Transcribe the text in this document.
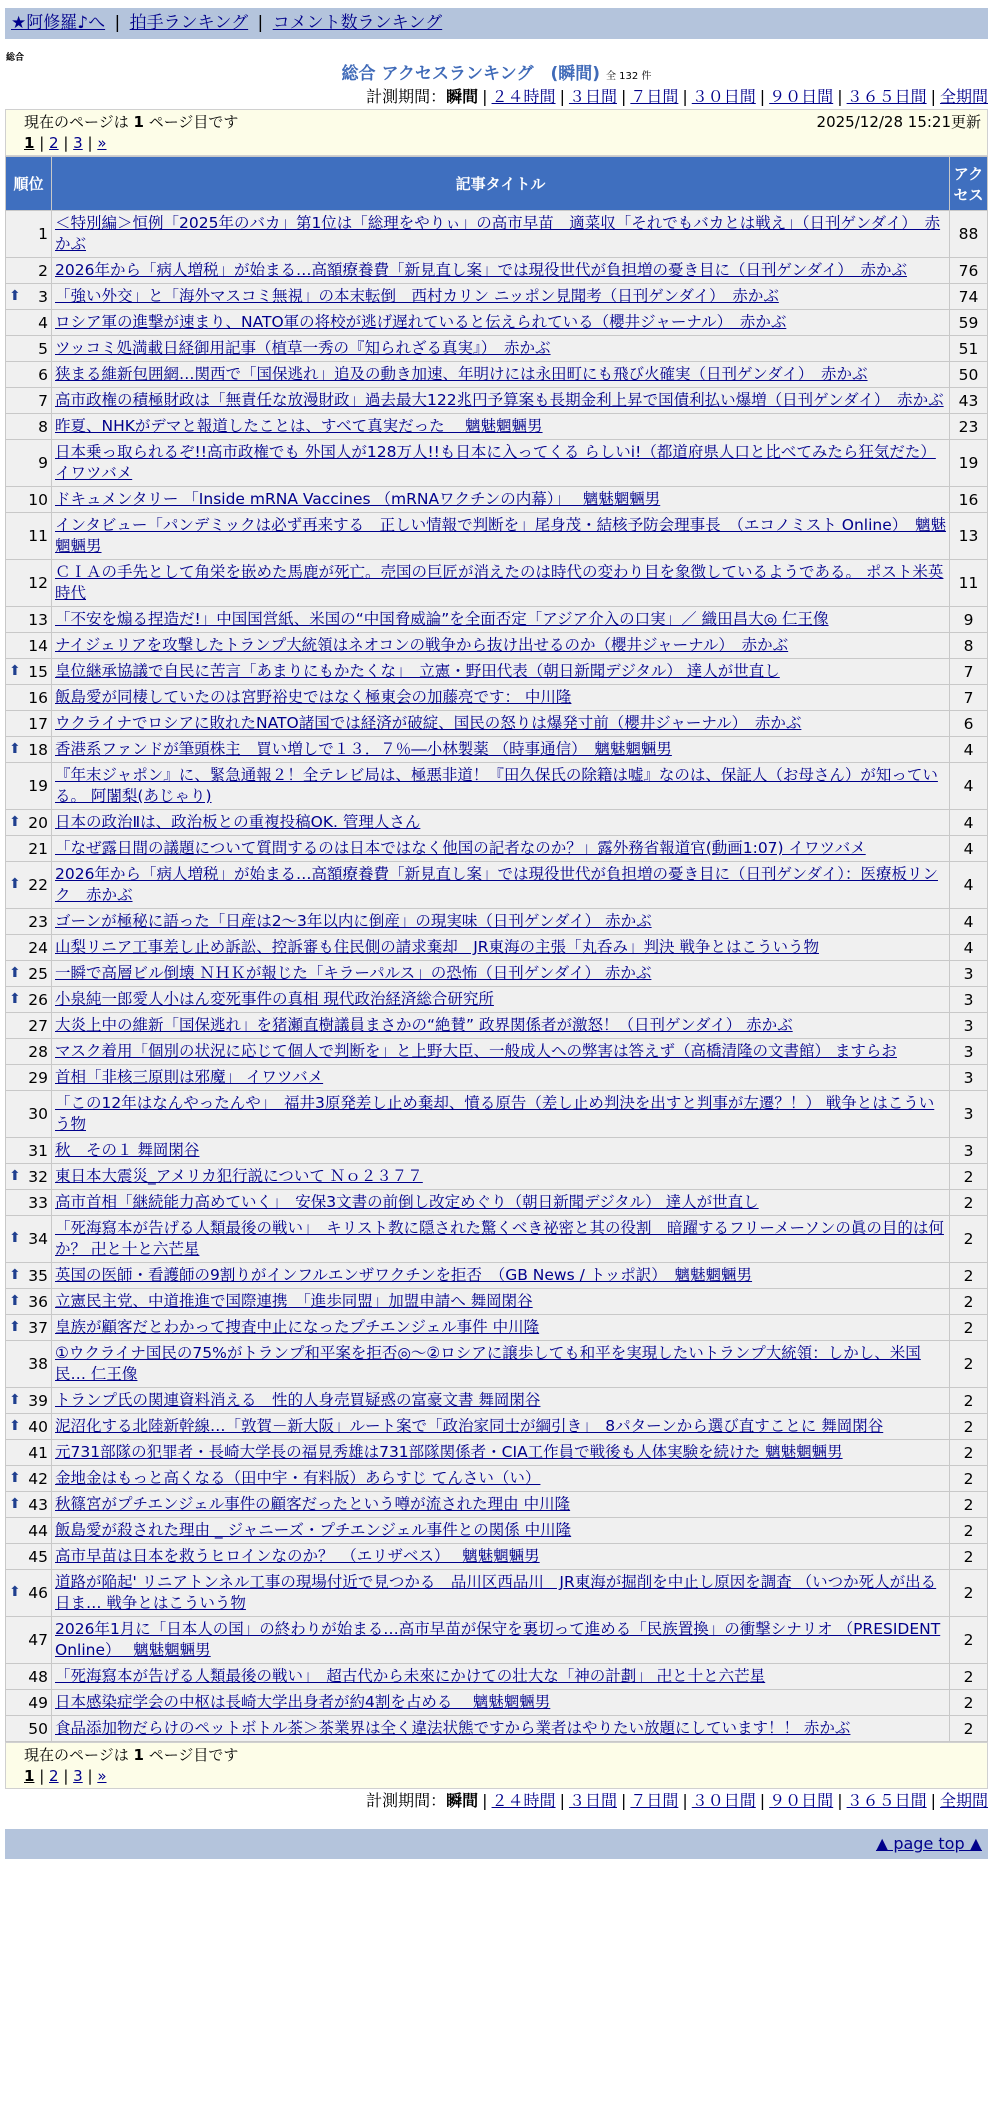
★阿修羅♪へ | 拍手ランキング | コメント数ランキング
総合
総合 アクセスランキング　(瞬間) 全 132 件
計測期間：瞬間 | ２４時間 | ３日間 | ７日間 | ３０日間 | ９０日間 | ３６５日間 | 全期間
現在のページは 1 ページ目です	2025/12/28 15:21更新
1 | 2 | 3 | »
順位	記事タイトル	アクセス
1	＜特別編＞恒例「2025年のバカ」第1位は「総理をやりぃ」の高市早苗　適菜収「それでもバカとは戦え」（日刊ゲンダイ）　赤かぶ	88
2	2026年から「病人増税」が始まる…高額療養費「新見直し案」では現役世代が負担増の憂き目に（日刊ゲンダイ）　赤かぶ	76

⬆ 3	「強い外交」と「海外マスコミ無視」の本末転倒　西村カリン ニッポン見聞考（日刊ゲンダイ）　赤かぶ	74
4	ロシア軍の進撃が速まり、NATO軍の将校が逃げ遅れていると伝えられている（櫻井ジャーナル）　赤かぶ	59
5	ツッコミ処満載日経御用記事（植草一秀の『知られざる真実』）　赤かぶ	51
6	狭まる維新包囲網…関西で「国保逃れ」追及の動き加速、年明けには永田町にも飛び火確実（日刊ゲンダイ）　赤かぶ	50
7	高市政権の積極財政は「無責任な放漫財政」過去最大122兆円予算案も長期金利上昇で国債利払い爆増（日刊ゲンダイ）　赤かぶ	43
8	昨夏、NHKがデマと報道したことは、すべて真実だった　 魑魅魍魎男	23
9	日本乗っ取られるぞ!!高市政権でも 外国人が128万人!!も日本に入ってくる らしいi!（都道府県人口と比べてみたら狂気だた） イワツバメ	19
10	ドキュメンタリー 「Inside mRNA Vaccines （mRNAワクチンの内幕）」　 魑魅魍魎男	16
11	インタビュー「パンデミックは必ず再来する　正しい情報で判断を」尾身茂・結核予防会理事長　（エコノミスト Online）　魑魅魍魎男	13
12	ＣＩＡの手先として角栄を嵌めた馬鹿が死亡。売国の巨匠が消えたのは時代の変わり目を象徴しているようである。 ポスト米英時代	11
13	「不安を煽る捏造だ!」中国国営紙、米国の“中国脅威論”を全面否定「アジア介入の口実」／ 織田昌大◎ 仁王像	9
14	ナイジェリアを攻撃したトランプ大統領はネオコンの戦争から抜け出せるのか（櫻井ジャーナル）　赤かぶ	8

⬆ 15	皇位継承協議で自民に苦言「あまりにもかたくな」　立憲・野田代表（朝日新聞デジタル） 達人が世直し	7
16	飯島愛が同棲していたのは宮野裕史ではなく極東会の加藤亮です： 中川隆	7
17	ウクライナでロシアに敗れたNATO諸国では経済が破綻、国民の怒りは爆発寸前（櫻井ジャーナル）　赤かぶ	6

⬆ 18	香港系ファンドが筆頭株主　買い増しで１３．７％―小林製薬 （時事通信）　魑魅魍魎男	4
19	『年末ジャポン』に、緊急通報２！全テレビ局は、極悪非道！『田久保氏の除籍は嘘』なのは、保証人（お母さん）が知っている。 阿闍梨(あじゃり)	4

⬆ 20	日本の政治Ⅱは、政治板との重複投稿OK. 管理人さん	4
21	「なぜ露日間の議題について質問するのは日本ではなく他国の記者なのか？」露外務省報道官(動画1:07) イワツバメ	4

⬆ 22	2026年から「病人増税」が始まる…高額療養費「新見直し案」では現役世代が負担増の憂き目に（日刊ゲンダイ）：医療板リンク　赤かぶ	4
23	ゴーンが極秘に語った「日産は2～3年以内に倒産」の現実味（日刊ゲンダイ） 赤かぶ	4
24	山梨リニア工事差し止め訴訟、控訴審も住民側の請求棄却　JR東海の主張「丸呑み」判決 戦争とはこういう物	4

⬆ 25	一瞬で高層ビル倒壊 ＮＨＫが報じた「キラーパルス」の恐怖（日刊ゲンダイ） 赤かぶ	3

⬆ 26	小泉純一郎愛人小はん変死事件の真相 現代政治経済総合研究所	3
27	大炎上中の維新「国保逃れ」を猪瀬直樹議員まさかの“絶賛” 政界関係者が激怒！（日刊ゲンダイ） 赤かぶ	3
28	マスク着用「個別の状況に応じて個人で判断を」と上野大臣、一般成人への弊害は答えず（高橋清隆の文書館） ますらお	3
29	首相「非核三原則は邪魔」 イワツバメ	3
30	「この12年はなんやったんや」　福井3原発差し止め棄却、憤る原告（差し止め判決を出すと判事が左遷？！） 戦争とはこういう物	3
31	秋　その１ 舞岡閑谷	3

⬆ 32	東日本大震災_アメリカ犯行説について Ｎｏ２３７７	2
33	高市首相「継続能力高めていく」　安保3文書の前倒し改定めぐり（朝日新聞デジタル） 達人が世直し	2

⬆ 34	「死海寫本が告げる人類最後の戦い」　キリスト教に隠された驚くべき祕密と其の役割　暗躍するフリーメーソンの眞の目的は何か？ 卍と十と六芒星	2

⬆ 35	英国の医師・看護師の9割りがインフルエンザワクチンを拒否　（GB News / トッポ訳）　魑魅魍魎男	2

⬆ 36	立憲民主党、中道推進で国際連携　「進歩同盟」加盟申請へ 舞岡閑谷	2

⬆ 37	皇族が顧客だとわかって捜査中止になったプチエンジェル事件 中川隆	2
38	①ウクライナ国民の75%がトランプ和平案を拒否◎～②ロシアに譲歩しても和平を実現したいトランプ大統領：しかし、米国民… 仁王像	2

⬆ 39	トランプ氏の関連資料消える　性的人身売買疑惑の富豪文書 舞岡閑谷	2

⬆ 40	泥沼化する北陸新幹線…「敦賀－新大阪」ルート案で「政治家同士が綱引き」　8パターンから選び直すことに 舞岡閑谷	2
41	元731部隊の犯罪者・長崎大学長の福見秀雄は731部隊関係者・CIA工作員で戦後も人体実験を続けた 魑魅魍魎男	2

⬆ 42	金地金はもっと高くなる（田中宇・有料版）あらすじ てんさい（い）	2

⬆ 43	秋篠宮がプチエンジェル事件の顧客だったという噂が流された理由 中川隆	2
44	飯島愛が殺された理由 _ ジャニーズ・プチエンジェル事件との関係 中川隆	2
45	高市早苗は日本を救うヒロインなのか？　（エリザベス）　 魑魅魍魎男	2

⬆ 46	道路が陥起' リニアトンネル工事の現場付近で見つかる　品川区西品川　JR東海が掘削を中止し原因を調査 （いつか死人が出る日ま… 戦争とはこういう物	2
47	2026年1月に「日本人の国」の終わりが始まる…高市早苗が保守を裏切って進める「民族置換」の衝撃シナリオ （PRESIDENT Online）　 魑魅魍魎男	2
48	「死海寫本が告げる人類最後の戦い」　超古代から未來にかけての壮大な「神の計劃」 卍と十と六芒星	2
49	日本感染症学会の中枢は長崎大学出身者が約4割を占める　 魑魅魍魎男	2
50	食品添加物だらけのペットボトル茶＞茶業界は全く違法状態ですから業者はやりたい放題にしています！！ 赤かぶ	2
現在のページは 1 ページ目です
1 | 2 | 3 | »
計測期間：瞬間 | ２４時間 | ３日間 | ７日間 | ３０日間 | ９０日間 | ３６５日間 | 全期間
▲ page top ▲
